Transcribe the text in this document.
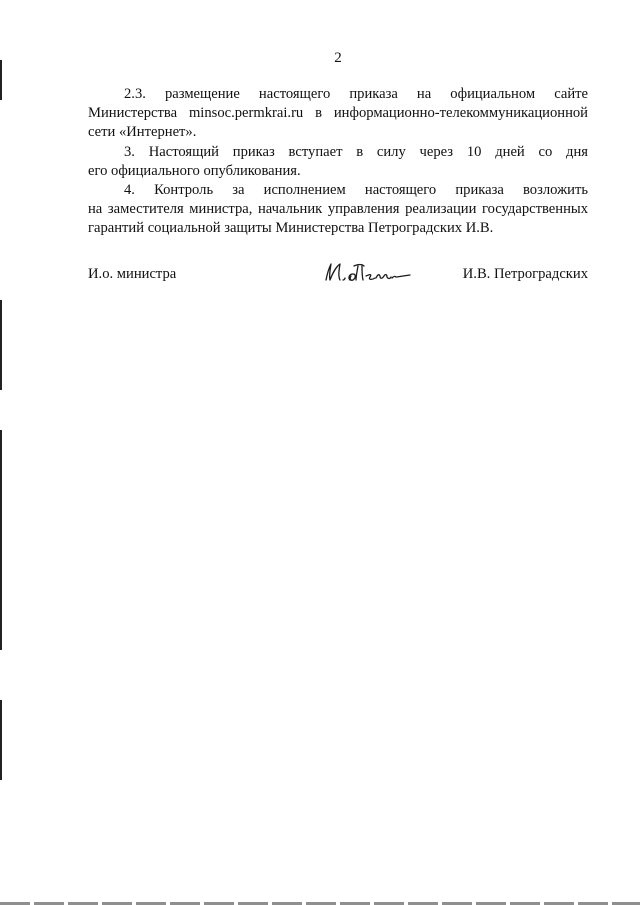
2

2.3. размещение настоящего приказа на официальном сайте
Министерства minsoc.permkrai.ru в информационно-телекоммуникационной
сети «Интернет».

3. Настоящий приказ вступает в силу через 10 дней со дня
его официального опубликования.

4. Контроль за исполнением настоящего приказа возложить
на заместителя министра, начальник управления реализации государственных
гарантий социальной защиты Министерства Петроградских И.В.

И.о. министра	И.В. Петроградских
